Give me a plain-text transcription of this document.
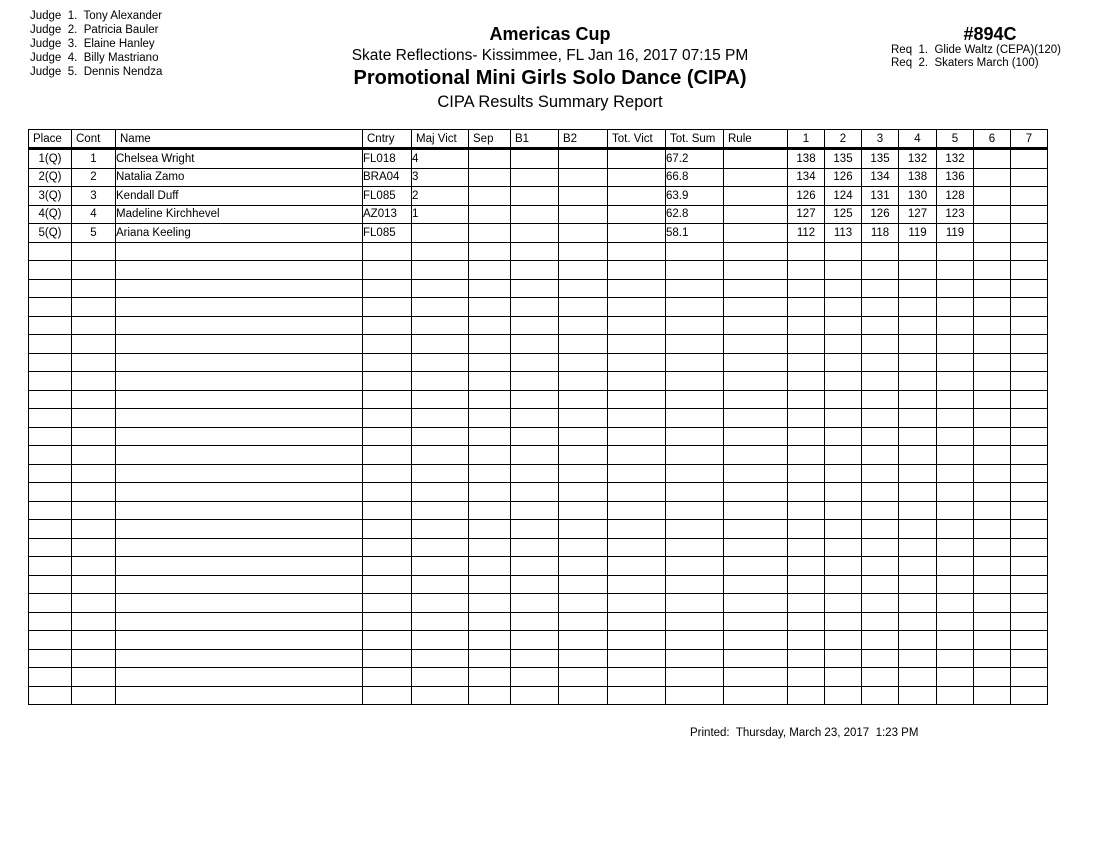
Judge  1.  Tony Alexander
Judge  2.  Patricia Bauler
Judge  3.  Elaine Hanley
Judge  4.  Billy Mastriano
Judge  5.  Dennis Nendza
Americas Cup
Skate Reflections- Kissimmee, FL Jan 16, 2017 07:15 PM
Promotional Mini Girls Solo Dance (CIPA)
CIPA Results Summary Report
#894C
Req  1.  Glide Waltz (CEPA)(120)
Req  2.  Skaters March (100)
Place	Cont	Name	Cntry	Maj Vict	Sep	B1	B2	Tot. Vict	Tot. Sum	Rule	1	2	3	4	5	6	7
1(Q)	1	Chelsea Wright	FL018	4					67.2		138	135	135	132	132		
2(Q)	2	Natalia Zamo	BRA04	3					66.8		134	126	134	138	136		
3(Q)	3	Kendall Duff	FL085	2					63.9		126	124	131	130	128		
4(Q)	4	Madeline Kirchhevel	AZ013	1					62.8		127	125	126	127	123		
5(Q)	5	Ariana Keeling	FL085						58.1		112	113	118	119	119		

Printed:  Thursday, March 23, 2017  1:23 PM
